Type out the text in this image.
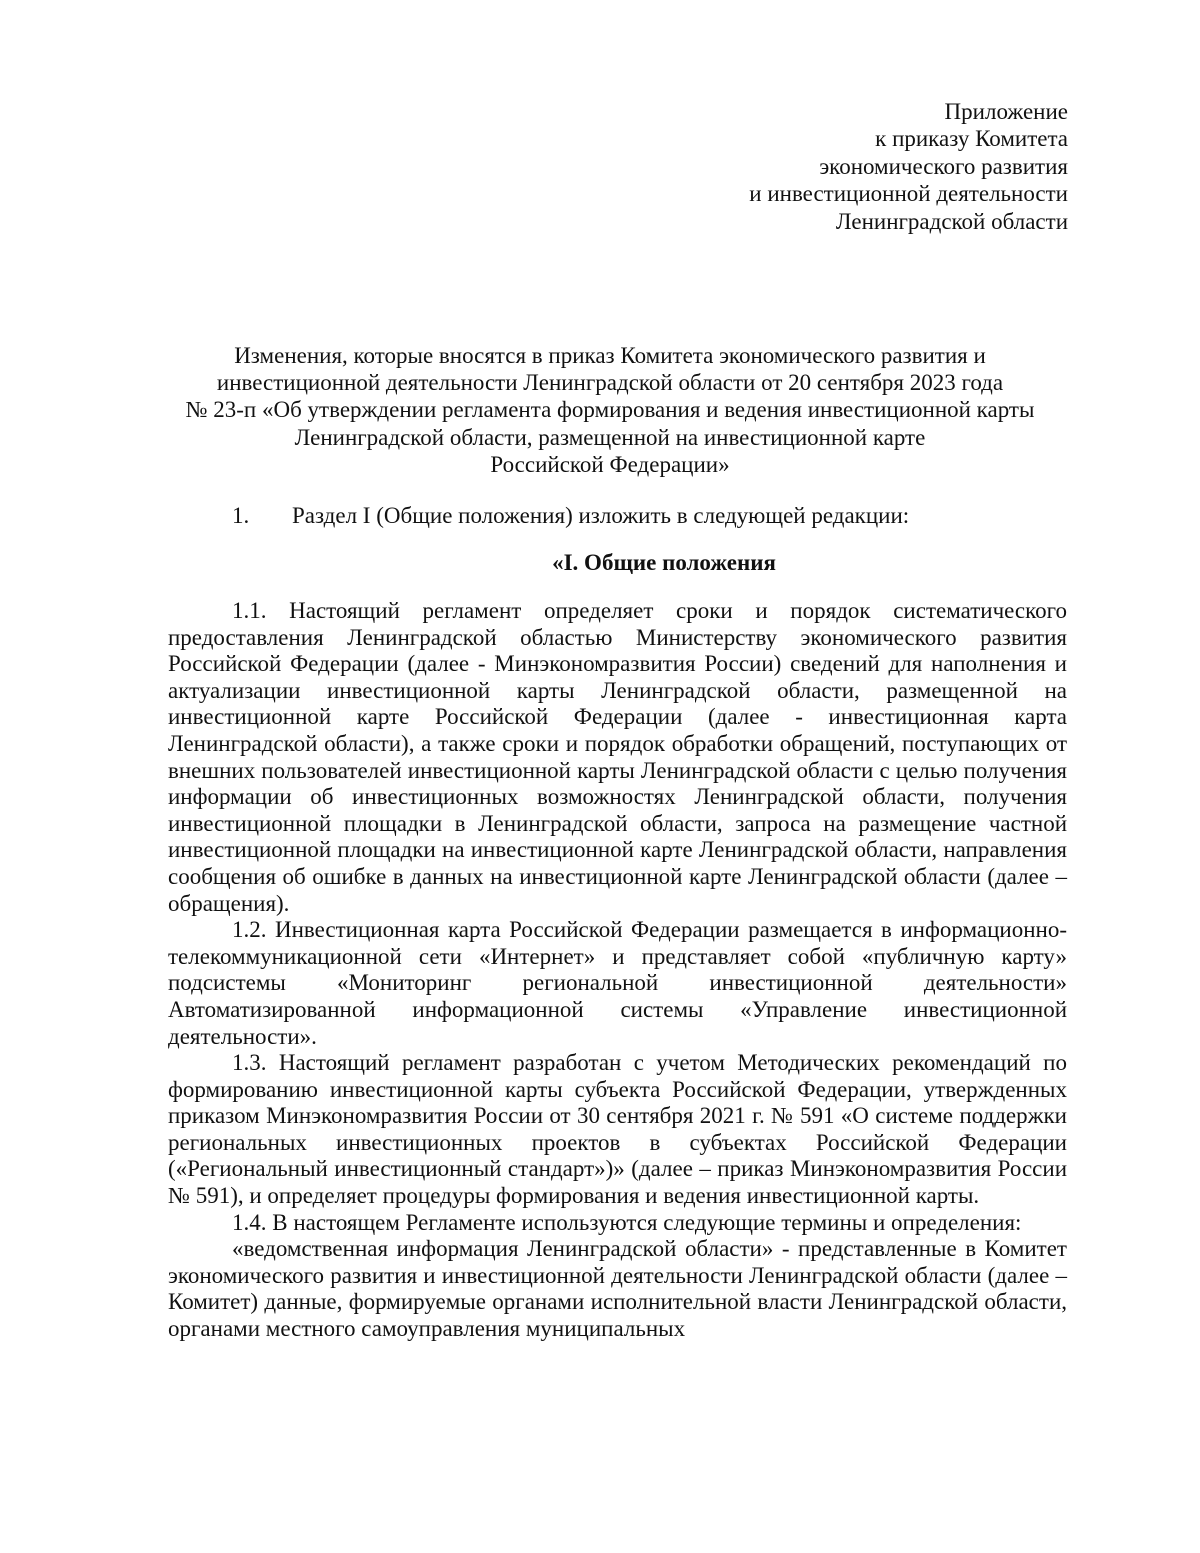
Приложение
к приказу Комитета
экономического развития
и инвестиционной деятельности
Ленинградской области
Изменения, которые вносятся в приказ Комитета экономического развития и
инвестиционной деятельности Ленинградской области от 20 сентября 2023 года
№ 23-п «Об утверждении регламента формирования и ведения инвестиционной карты
Ленинградской области, размещенной на инвестиционной карте
Российской Федерации»
1. Раздел I (Общие положения) изложить в следующей редакции:
«I. Общие положения

1.1. Настоящий регламент определяет сроки и порядок систематического предоставления Ленинградской областью Министерству экономического развития Российской Федерации (далее - Минэкономразвития России) сведений для наполнения и актуализации инвестиционной карты Ленинградской области, размещенной на инвестиционной карте Российской Федерации (далее - инвестиционная карта Ленинградской области), а также сроки и порядок обработки обращений, поступающих от внешних пользователей инвестиционной карты Ленинградской области с целью получения информации об инвестиционных возможностях Ленинградской области, получения инвестиционной площадки в Ленинградской области, запроса на размещение частной инвестиционной площадки на инвестиционной карте Ленинградской области, направления сообщения об ошибке в данных на инвестиционной карте Ленинградской области (далее – обращения).

1.2. Инвестиционная карта Российской Федерации размещается в информационно-телекоммуникационной сети «Интернет» и представляет собой «публичную карту» подсистемы «Мониторинг региональной инвестиционной деятельности» Автоматизированной информационной системы «Управление инвестиционной деятельности».

1.3. Настоящий регламент разработан с учетом Методических рекомендаций по формированию инвестиционной карты субъекта Российской Федерации, утвержденных приказом Минэкономразвития России от 30 сентября 2021 г. № 591 «О системе поддержки региональных инвестиционных проектов в субъектах Российской Федерации («Региональный инвестиционный стандарт»)» (далее – приказ Минэкономразвития России № 591), и определяет процедуры формирования и ведения инвестиционной карты.

1.4. В настоящем Регламенте используются следующие термины и определения:

«ведомственная информация Ленинградской области» - представленные в Комитет экономического развития и инвестиционной деятельности Ленинградской области (далее – Комитет) данные, формируемые органами исполнительной власти Ленинградской области, органами местного самоуправления муниципальных
